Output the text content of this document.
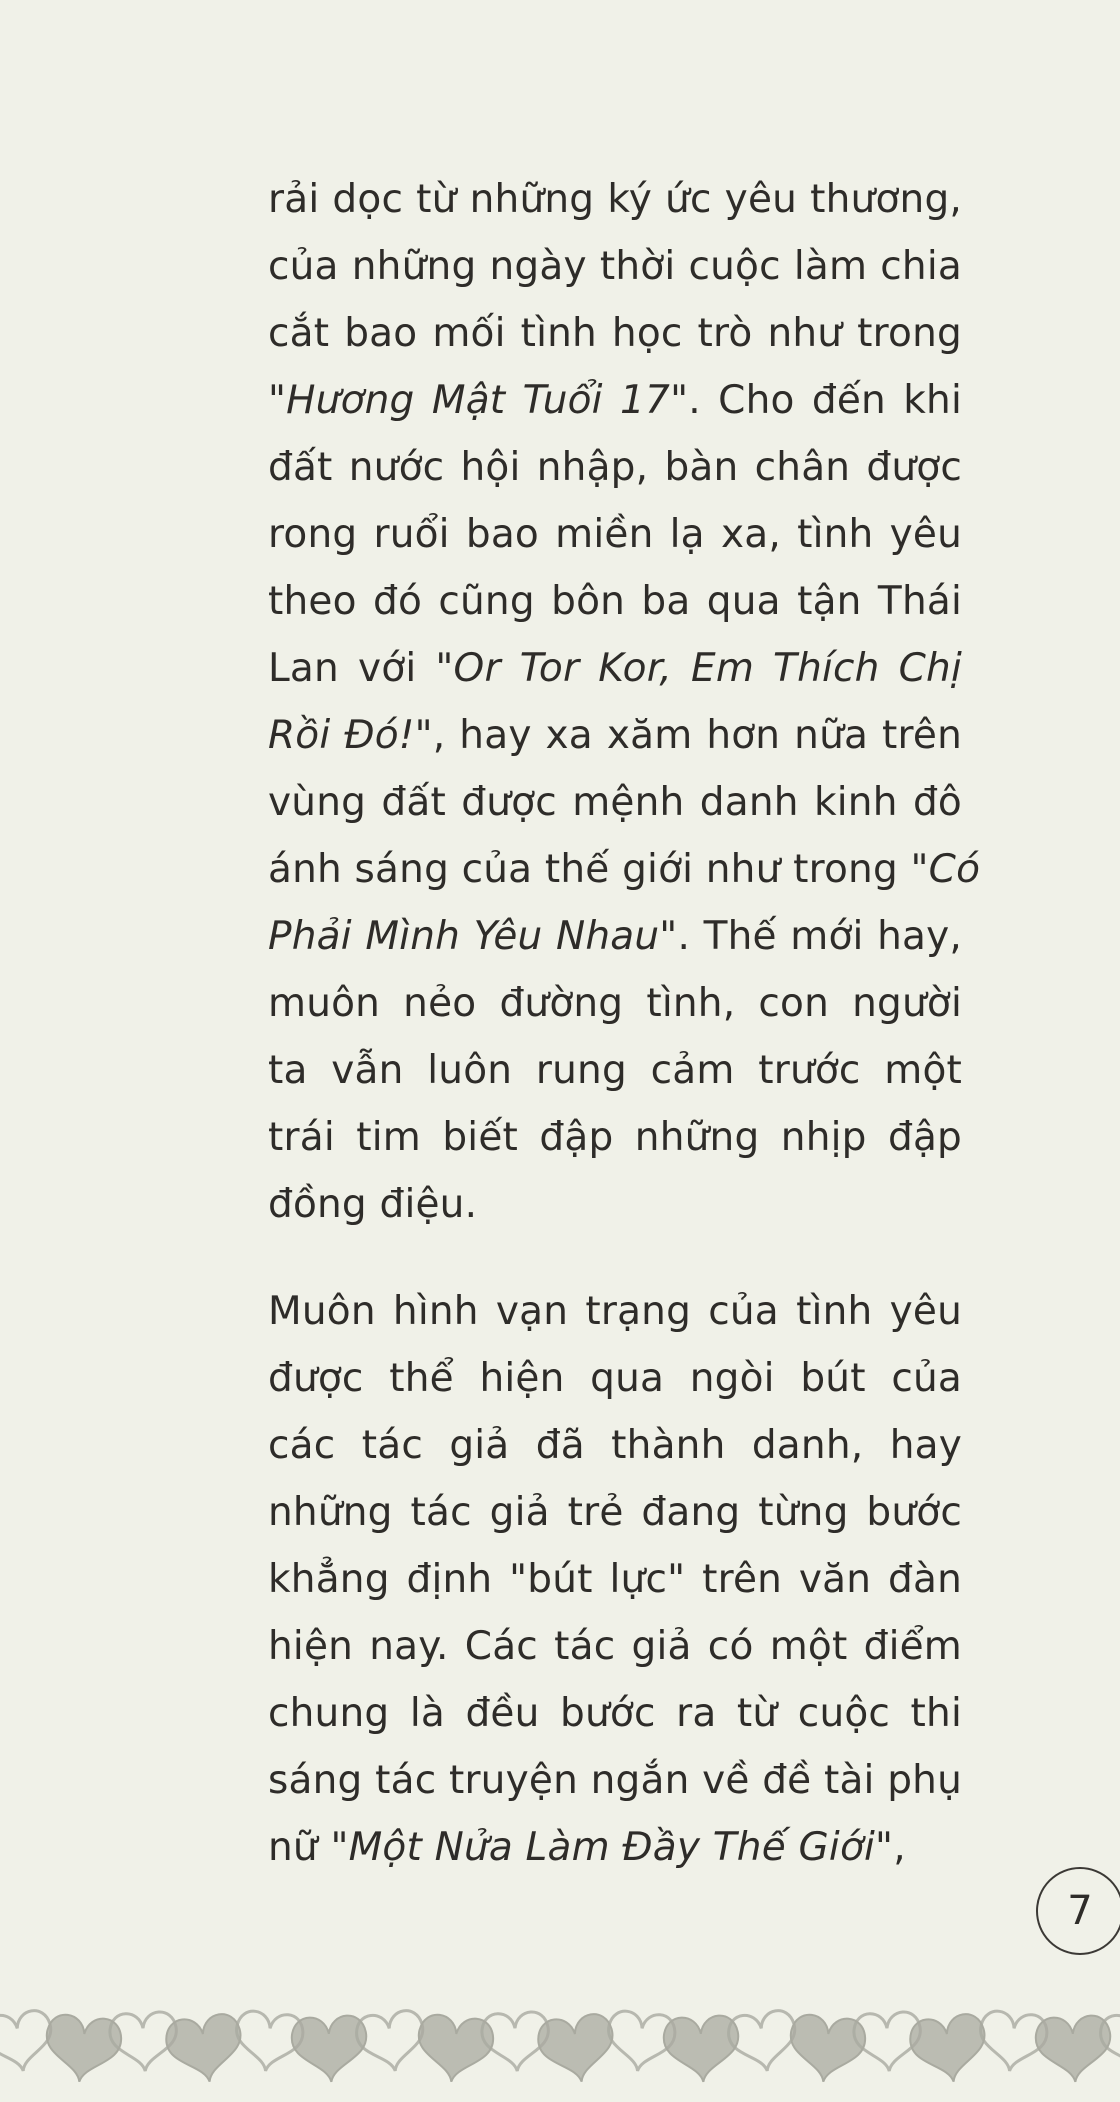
rải dọc từ những ký ức yêu thương,
của những ngày thời cuộc làm chia
cắt bao mối tình học trò như trong
"Hương Mật Tuổi 17". Cho đến khi
đất nước hội nhập, bàn chân được
rong ruổi bao miền lạ xa, tình yêu
theo đó cũng bôn ba qua tận Thái
Lan với "Or Tor Kor, Em Thích Chị
Rồi Đó!", hay xa xăm hơn nữa trên
vùng đất được mệnh danh kinh đô
ánh sáng của thế giới như trong "Có
Phải Mình Yêu Nhau". Thế mới hay,
muôn nẻo đường tình, con người
ta vẫn luôn rung cảm trước một
trái tim biết đập những nhịp đập
đồng điệu.
Muôn hình vạn trạng của tình yêu
được thể hiện qua ngòi bút của
các tác giả đã thành danh, hay
những tác giả trẻ đang từng bước
khẳng định "bút lực" trên văn đàn
hiện nay. Các tác giả có một điểm
chung là đều bước ra từ cuộc thi
sáng tác truyện ngắn về đề tài phụ
nữ "Một Nửa Làm Đầy Thế Giới",
7
